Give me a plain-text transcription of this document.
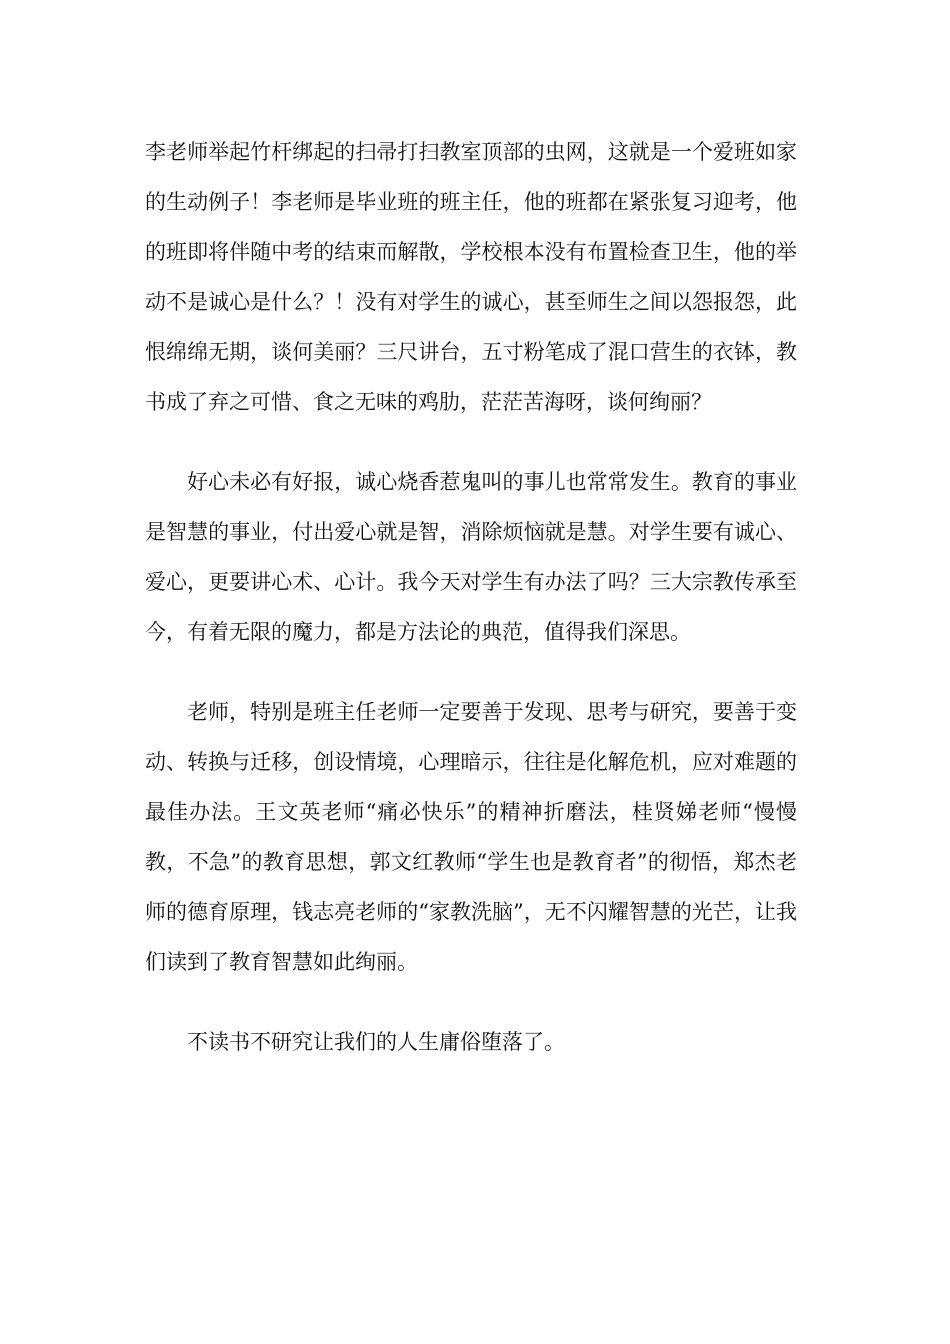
李老师举起竹杆绑起的扫帚打扫教室顶部的虫网，这就是一个爱班如家的生动例子！李老师是毕业班的班主任，他的班都在紧张复习迎考，他的班即将伴随中考的结束而解散，学校根本没有布置检查卫生，他的举动不是诚心是什么？！没有对学生的诚心，甚至师生之间以怨报怨，此恨绵绵无期，谈何美丽？三尺讲台，五寸粉笔成了混口营生的衣钵，教书成了弃之可惜、食之无味的鸡肋，茫茫苦海呀，谈何绚丽？

好心未必有好报，诚心烧香惹鬼叫的事儿也常常发生。教育的事业是智慧的事业，付出爱心就是智，消除烦恼就是慧。对学生要有诚心、爱心，更要讲心术、心计。我今天对学生有办法了吗？三大宗教传承至今，有着无限的魔力，都是方法论的典范，值得我们深思。

老师，特别是班主任老师一定要善于发现、思考与研究，要善于变动、转换与迁移，创设情境，心理暗示，往往是化解危机，应对难题的最佳办法。王文英老师“痛必快乐”的精神折磨法，桂贤娣老师“慢慢教，不急”的教育思想，郭文红教师“学生也是教育者”的彻悟，郑杰老师的德育原理，钱志亮老师的“家教洗脑”，无不闪耀智慧的光芒，让我们读到了教育智慧如此绚丽。

不读书不研究让我们的人生庸俗堕落了。
